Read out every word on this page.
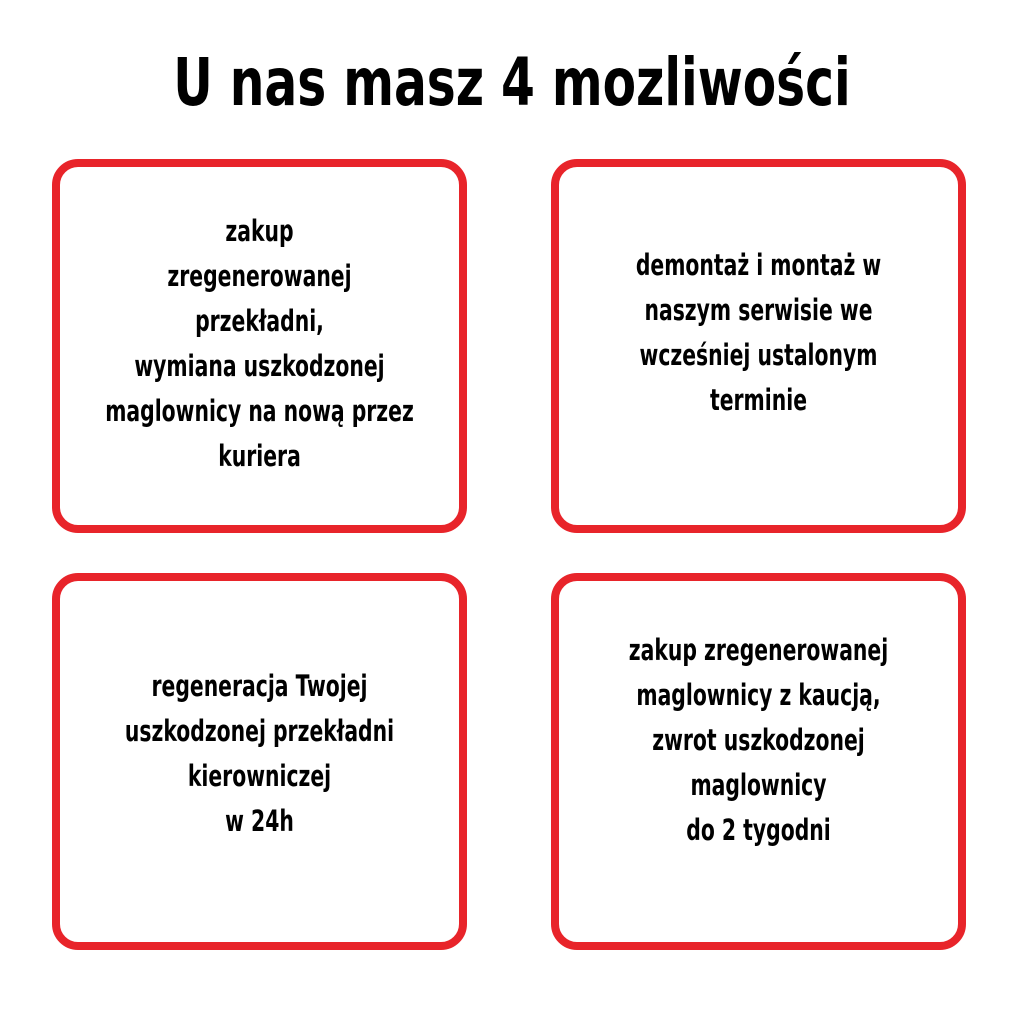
U nas masz 4 mozliwości
zakup
zregenerowanej przekładni,
wymiana uszkodzonej
maglownicy na nową przez
kuriera
demontaż i montaż w
naszym serwisie we
wcześniej ustalonym
terminie
regeneracja Twojej
uszkodzonej przekładni
kierowniczej
w 24h
zakup zregenerowanej
maglownicy z kaucją,
zwrot uszkodzonej
maglownicy
do 2 tygodni
